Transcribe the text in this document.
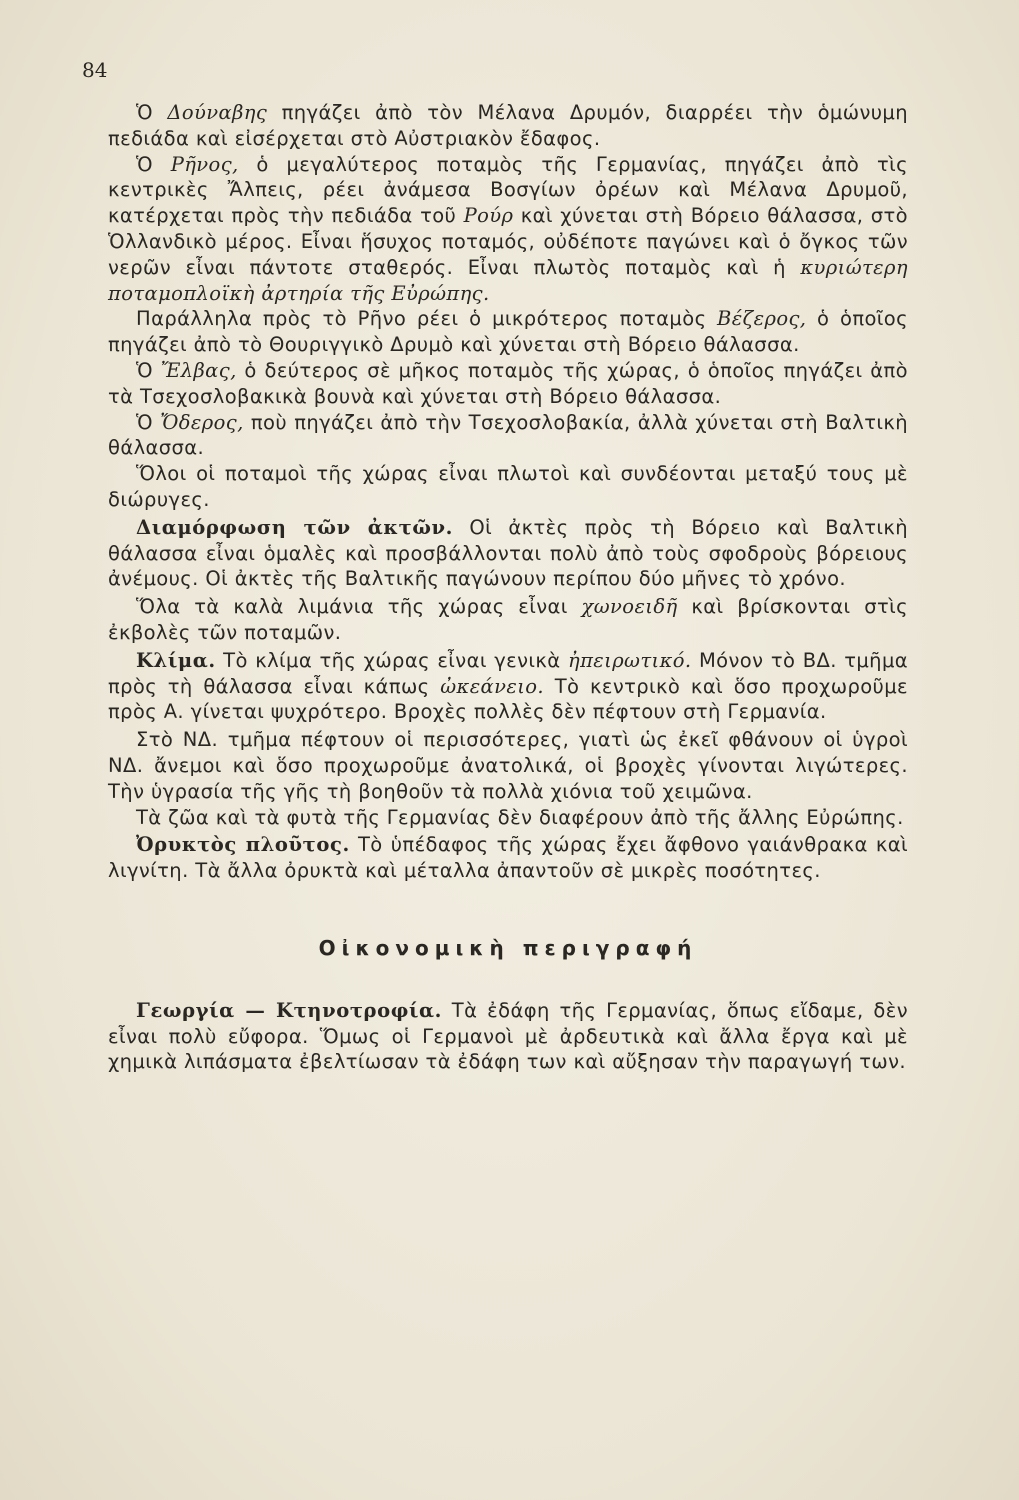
84

Ὁ Δούναβης πηγάζει ἀπὸ τὸν Μέλανα Δρυμόν, διαρρέει τὴν ὁμώνυμη πεδιάδα καὶ εἰσέρχεται στὸ Αὐστριακὸν ἔδαφος.

Ὁ Ρῆνος, ὁ μεγαλύτερος ποταμὸς τῆς Γερμανίας, πηγάζει ἀπὸ τὶς κεντρικὲς Ἄλπεις, ρέει ἀνάμεσα Βοσγίων ὀρέων καὶ Μέλανα Δρυμοῦ, κατέρχεται πρὸς τὴν πεδιάδα τοῦ Ρούρ καὶ χύνεται στὴ Βόρειο θάλασσα, στὸ Ὁλλανδικὸ μέρος. Εἶναι ἥσυχος ποταμός, οὐδέποτε παγώνει καὶ ὁ ὄγκος τῶν νερῶν εἶναι πάντοτε σταθερός. Εἶναι πλωτὸς ποταμὸς καὶ ἡ κυριώτερη ποταμοπλοϊκὴ ἀρτηρία τῆς Εὐρώπης.

Παράλληλα πρὸς τὸ Ρῆνο ρέει ὁ μικρότερος ποταμὸς Βέζερος, ὁ ὁποῖος πηγάζει ἀπὸ τὸ Θουριγγικὸ Δρυμὸ καὶ χύνεται στὴ Βόρειο θάλασσα.

Ὁ Ἔλβας, ὁ δεύτερος σὲ μῆκος ποταμὸς τῆς χώρας, ὁ ὁποῖος πηγάζει ἀπὸ τὰ Τσεχοσλοβακικὰ βουνὰ καὶ χύνεται στὴ Βόρειο θάλασσα.

Ὁ Ὄδερος, ποὺ πηγάζει ἀπὸ τὴν Τσεχοσλοβακία, ἀλλὰ χύνεται στὴ Βαλτικὴ θάλασσα.

Ὅλοι οἱ ποταμοὶ τῆς χώρας εἶναι πλωτοὶ καὶ συνδέονται μεταξύ τους μὲ διώρυγες.

Διαμόρφωση τῶν ἀκτῶν. Οἱ ἀκτὲς πρὸς τὴ Βόρειο καὶ Βαλτικὴ θάλασσα εἶναι ὁμαλὲς καὶ προσβάλλονται πολὺ ἀπὸ τοὺς σφοδροὺς βόρειους ἀνέμους. Οἱ ἀκτὲς τῆς Βαλτικῆς παγώνουν περίπου δύο μῆνες τὸ χρόνο.

Ὅλα τὰ καλὰ λιμάνια τῆς χώρας εἶναι χωνοειδῆ καὶ βρίσκονται στὶς ἐκβολὲς τῶν ποταμῶν.

Κλίμα. Τὸ κλίμα τῆς χώρας εἶναι γενικὰ ἠπειρωτικό. Μόνον τὸ ΒΔ. τμῆμα πρὸς τὴ θάλασσα εἶναι κάπως ὠκεάνειο. Τὸ κεντρικὸ καὶ ὅσο προχωροῦμε πρὸς Α. γίνεται ψυχρότερο. Βροχὲς πολλὲς δὲν πέφτουν στὴ Γερμανία.

Στὸ ΝΔ. τμῆμα πέφτουν οἱ περισσότερες, γιατὶ ὡς ἐκεῖ φθάνουν οἱ ὑγροὶ ΝΔ. ἄνεμοι καὶ ὅσο προχωροῦμε ἀνατολικά, οἱ βροχὲς γίνονται λιγώτερες. Τὴν ὑγρασία τῆς γῆς τὴ βοηθοῦν τὰ πολλὰ χιόνια τοῦ χειμῶνα.

Τὰ ζῶα καὶ τὰ φυτὰ τῆς Γερμανίας δὲν διαφέρουν ἀπὸ τῆς ἄλλης Εὐρώπης.

Ὀρυκτὸς πλοῦτος. Τὸ ὑπέδαφος τῆς χώρας ἔχει ἄφθονο γαιάνθρακα καὶ λιγνίτη. Τὰ ἄλλα ὀρυκτὰ καὶ μέταλλα ἀπαντοῦν σὲ μικρὲς ποσότητες.

Οἰκονομικὴ περιγραφή

Γεωργία — Κτηνοτροφία. Τὰ ἐδάφη τῆς Γερμανίας, ὅπως εἴδαμε, δὲν εἶναι πολὺ εὔφορα. Ὅμως οἱ Γερμανοὶ μὲ ἀρδευτικὰ καὶ ἄλλα ἔργα καὶ μὲ χημικὰ λιπάσματα ἐβελτίωσαν τὰ ἐδάφη των καὶ αὔξησαν τὴν παραγωγή των.
